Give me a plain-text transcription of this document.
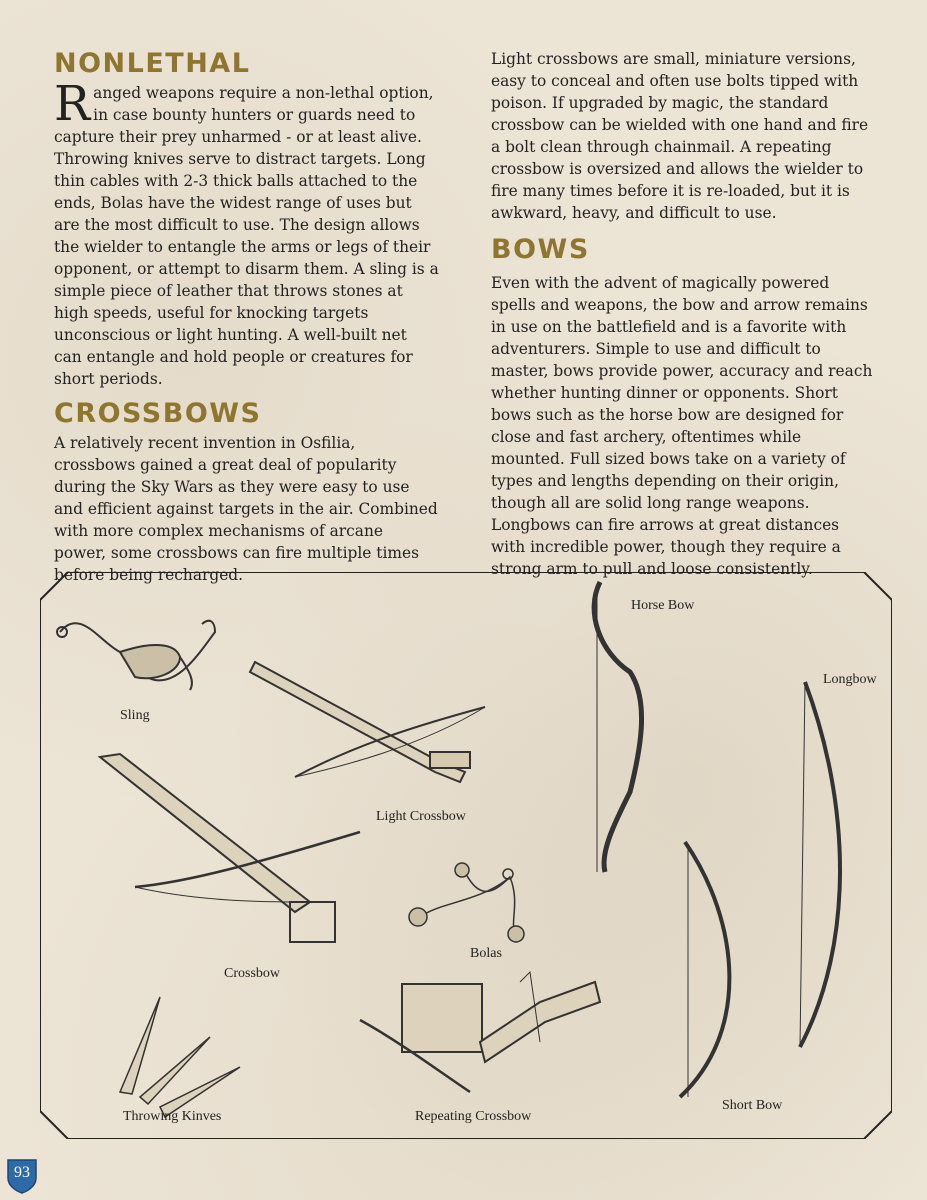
NONLETHAL

Ranged weapons require a non-lethal option, in case bounty hunters or guards need to capture their prey unharmed - or at least alive. Throwing knives serve to distract targets. Long thin cables with 2-3 thick balls attached to the ends, Bolas have the widest range of uses but are the most difficult to use. The design allows the wielder to entangle the arms or legs of their opponent, or attempt to disarm them. A sling is a simple piece of leather that throws stones at high speeds, useful for knocking targets unconscious or light hunting. A well-built net can entangle and hold people or creatures for short periods.

CROSSBOWS

A relatively recent invention in Osfilia, crossbows gained a great deal of popularity during the Sky Wars as they were easy to use and efficient against targets in the air. Combined with more complex mechanisms of arcane power, some crossbows can fire multiple times before being recharged.

Light crossbows are small, miniature versions, easy to conceal and often use bolts tipped with poison. If upgraded by magic, the standard crossbow can be wielded with one hand and fire a bolt clean through chainmail. A repeating crossbow is oversized and allows the wielder to fire many times before it is re-loaded, but it is awkward, heavy, and difficult to use.

BOWS

Even with the advent of magically powered spells and weapons, the bow and arrow remains in use on the battlefield and is a favorite with adventurers. Simple to use and difficult to master, bows provide power, accuracy and reach whether hunting dinner or opponents. Short bows such as the horse bow are designed for close and fast archery, oftentimes while mounted. Full sized bows take on a variety of types and lengths depending on their origin, though all are solid long range weapons. Longbows can fire arrows at great distances with incredible power, though they require a strong arm to pull and loose consistently.

Sling
Light Crossbow
Crossbow
Bolas
Throwing Kinves	Repeating Crossbow
Horse Bow
Longbow
Short Bow
93
